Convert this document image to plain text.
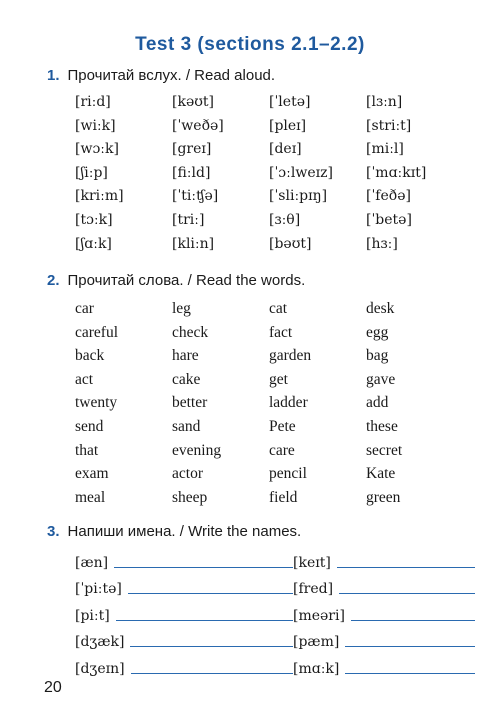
Test 3 (sections 2.1–2.2)
1. Прочитай вслух. / Read aloud.
[riːd]	[kəʊt]	[ˈletə]	[lɜːn]
[wiːk]	[ˈweðə]	[pleɪ]	[striːt]
[wɔːk]	[greɪ]	[deɪ]	[miːl]
[ʃiːp]	[fiːld]	[ˈɔːlweɪz]	[ˈmɑːkɪt]
[kriːm]	[ˈtiːʧə]	[ˈsliːpɪŋ]	[ˈfeðə]
[tɔːk]	[triː]	[ɜːθ]	[ˈbetə]
[ʃɑːk]	[kliːn]	[bəʊt]	[hɜː]
2. Прочитай слова. / Read the words.
car	leg	cat	desk
careful	check	fact	egg
back	hare	garden	bag
act	cake	get	gave
twenty	better	ladder	add
send	sand	Pete	these
that	evening	care	secret
exam	actor	pencil	Kate
meal	sheep	field	green
3. Напиши имена. / Write the names.
[æn]	[keɪt]
[ˈpiːtə]	[fred]
[piːt]	[meəri]
[dʒæk]	[pæm]
[dʒeɪn]	[mɑːk]
20
